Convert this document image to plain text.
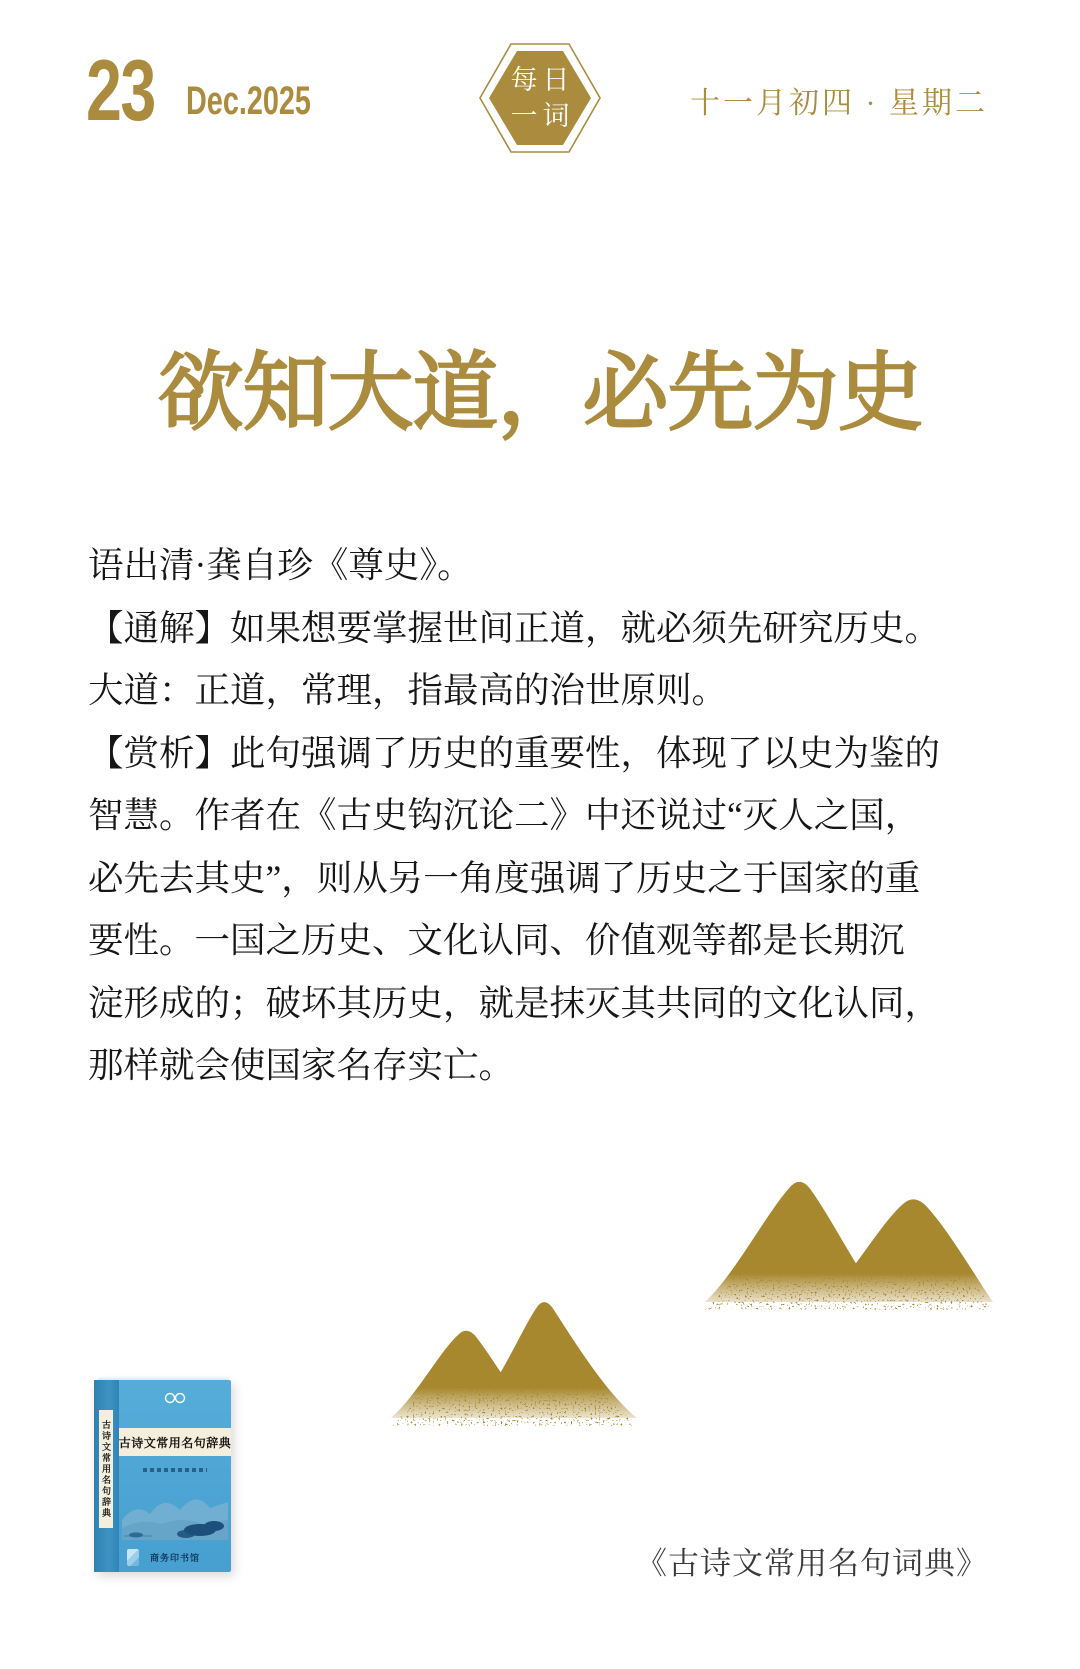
23 Dec.2025	每日
一词	十一月初四 · 星期二
欲知大道，必先为史
语出清·龚自珍《尊史》。
【通解】如果想要掌握世间正道，就必须先研究历史。
大道：正道，常理，指最高的治世原则。
【赏析】此句强调了历史的重要性，体现了以史为鉴的
智慧。作者在《古史钩沉论二》中还说过“灭人之国，
必先去其史”，则从另一角度强调了历史之于国家的重
要性。一国之历史、文化认同、价值观等都是长期沉
淀形成的；破坏其历史，就是抹灭其共同的文化认同，
那样就会使国家名存实亡。
古诗文常用名句辞典 古诗文常用名句辞典
商务印书馆	《古诗文常用名句词典》
